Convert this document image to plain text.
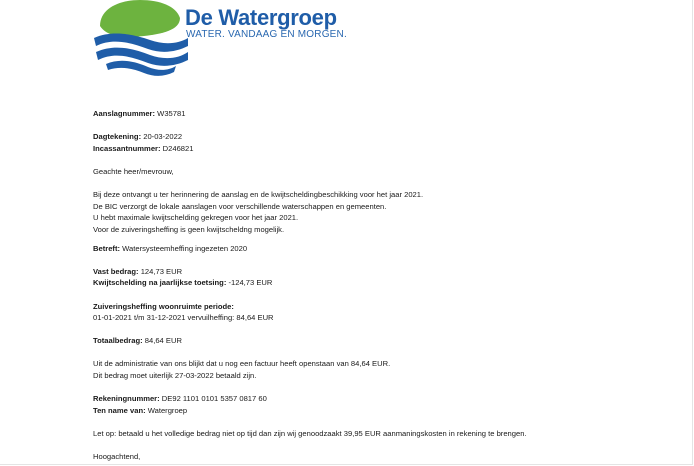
De Watergroep
WATER. VANDAAG EN MORGEN.

Aanslagnummer: W35781

Dagtekening: 20-03-2022

Incassantnummer: D246821

Geachte heer/mevrouw,

Bij deze ontvangt u ter herinnering de aanslag en de kwijtscheldingbeschikking voor het jaar 2021.

De BIC verzorgt de lokale aanslagen voor verschillende waterschappen en gemeenten.

U hebt maximale kwijtschelding gekregen voor het jaar 2021.

Voor de zuiveringsheffing is geen kwijtscheldng mogelijk.

Betreft: Watersysteemheffing ingezeten 2020

Vast bedrag: 124,73 EUR

Kwijtschelding na jaarlijkse toetsing: -124,73 EUR

Zuiveringsheffing woonruimte periode:

01-01-2021 t/m 31-12-2021 vervuilheffing: 84,64 EUR

Totaalbedrag: 84,64 EUR

Uit de administratie van ons blijkt dat u nog een factuur heeft openstaan van 84,64 EUR.

Dit bedrag moet uiterlijk 27-03-2022 betaald zijn.

Rekeningnummer: DE92 1101 0101 5357 0817 60

Ten name van: Watergroep

Let op: betaald u het volledige bedrag niet op tijd dan zijn wij genoodzaakt 39,95 EUR aanmaningskosten in rekening te brengen.

Hoogachtend,
